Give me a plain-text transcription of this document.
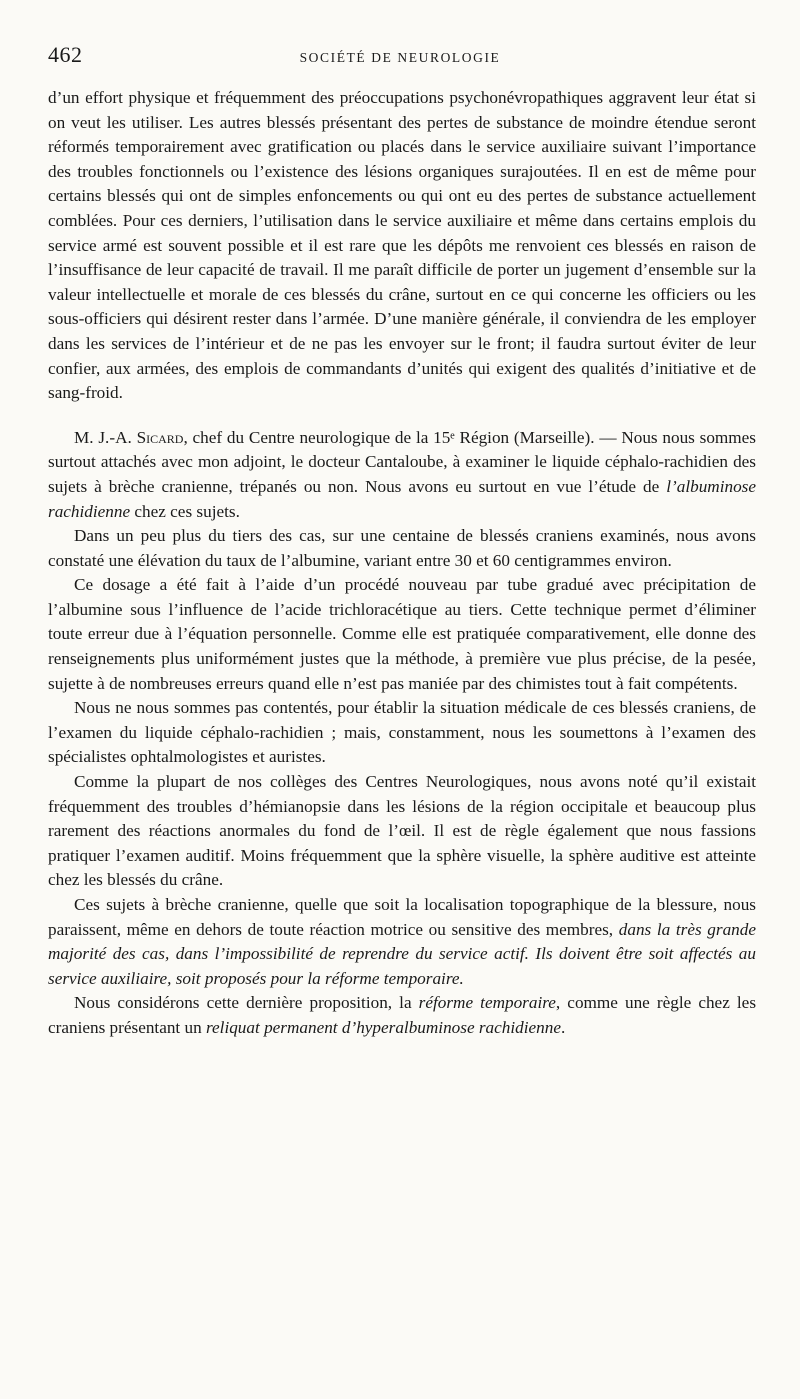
462	SOCIÉTÉ DE NEUROLOGIE

d’un effort physique et fréquemment des préoccupations psychonévropathiques aggravent leur état si on veut les utiliser. Les autres blessés présentant des pertes de substance de moindre étendue seront réformés temporairement avec gratification ou placés dans le service auxiliaire suivant l’importance des troubles fonctionnels ou l’existence des lésions organiques surajoutées. Il en est de même pour certains blessés qui ont de simples enfoncements ou qui ont eu des pertes de substance actuellement comblées. Pour ces derniers, l’utilisation dans le service auxiliaire et même dans certains emplois du service armé est souvent possible et il est rare que les dépôts me renvoient ces blessés en raison de l’insuffisance de leur capacité de travail. Il me paraît difficile de porter un jugement d’ensemble sur la valeur intellectuelle et morale de ces blessés du crâne, surtout en ce qui concerne les officiers ou les sous-officiers qui désirent rester dans l’armée. D’une manière générale, il conviendra de les employer dans les services de l’intérieur et de ne pas les envoyer sur le front; il faudra surtout éviter de leur confier, aux armées, des emplois de commandants d’unités qui exigent des qualités d’initiative et de sang-froid.

M. J.-A. Sicard, chef du Centre neurologique de la 15ᵉ Région (Marseille). — Nous nous sommes surtout attachés avec mon adjoint, le docteur Cantaloube, à examiner le liquide céphalo-rachidien des sujets à brèche cranienne, trépanés ou non. Nous avons eu surtout en vue l’étude de l’albuminose rachidienne chez ces sujets.

Dans un peu plus du tiers des cas, sur une centaine de blessés craniens examinés, nous avons constaté une élévation du taux de l’albumine, variant entre 30 et 60 centigrammes environ.

Ce dosage a été fait à l’aide d’un procédé nouveau par tube gradué avec précipitation de l’albumine sous l’influence de l’acide trichloracétique au tiers. Cette technique permet d’éliminer toute erreur due à l’équation personnelle. Comme elle est pratiquée comparativement, elle donne des renseignements plus uniformément justes que la méthode, à première vue plus précise, de la pesée, sujette à de nombreuses erreurs quand elle n’est pas maniée par des chimistes tout à fait compétents.

Nous ne nous sommes pas contentés, pour établir la situation médicale de ces blessés craniens, de l’examen du liquide céphalo-rachidien ; mais, constamment, nous les soumettons à l’examen des spécialistes ophtalmologistes et auristes.

Comme la plupart de nos collèges des Centres Neurologiques, nous avons noté qu’il existait fréquemment des troubles d’hémianopsie dans les lésions de la région occipitale et beaucoup plus rarement des réactions anormales du fond de l’œil. Il est de règle également que nous fassions pratiquer l’examen auditif. Moins fréquemment que la sphère visuelle, la sphère auditive est atteinte chez les blessés du crâne.

Ces sujets à brèche cranienne, quelle que soit la localisation topographique de la blessure, nous paraissent, même en dehors de toute réaction motrice ou sensitive des membres, dans la très grande majorité des cas, dans l’impossibilité de reprendre du service actif. Ils doivent être soit affectés au service auxiliaire, soit proposés pour la réforme temporaire.

Nous considérons cette dernière proposition, la réforme temporaire, comme une règle chez les craniens présentant un reliquat permanent d’hyperalbuminose rachidienne.
